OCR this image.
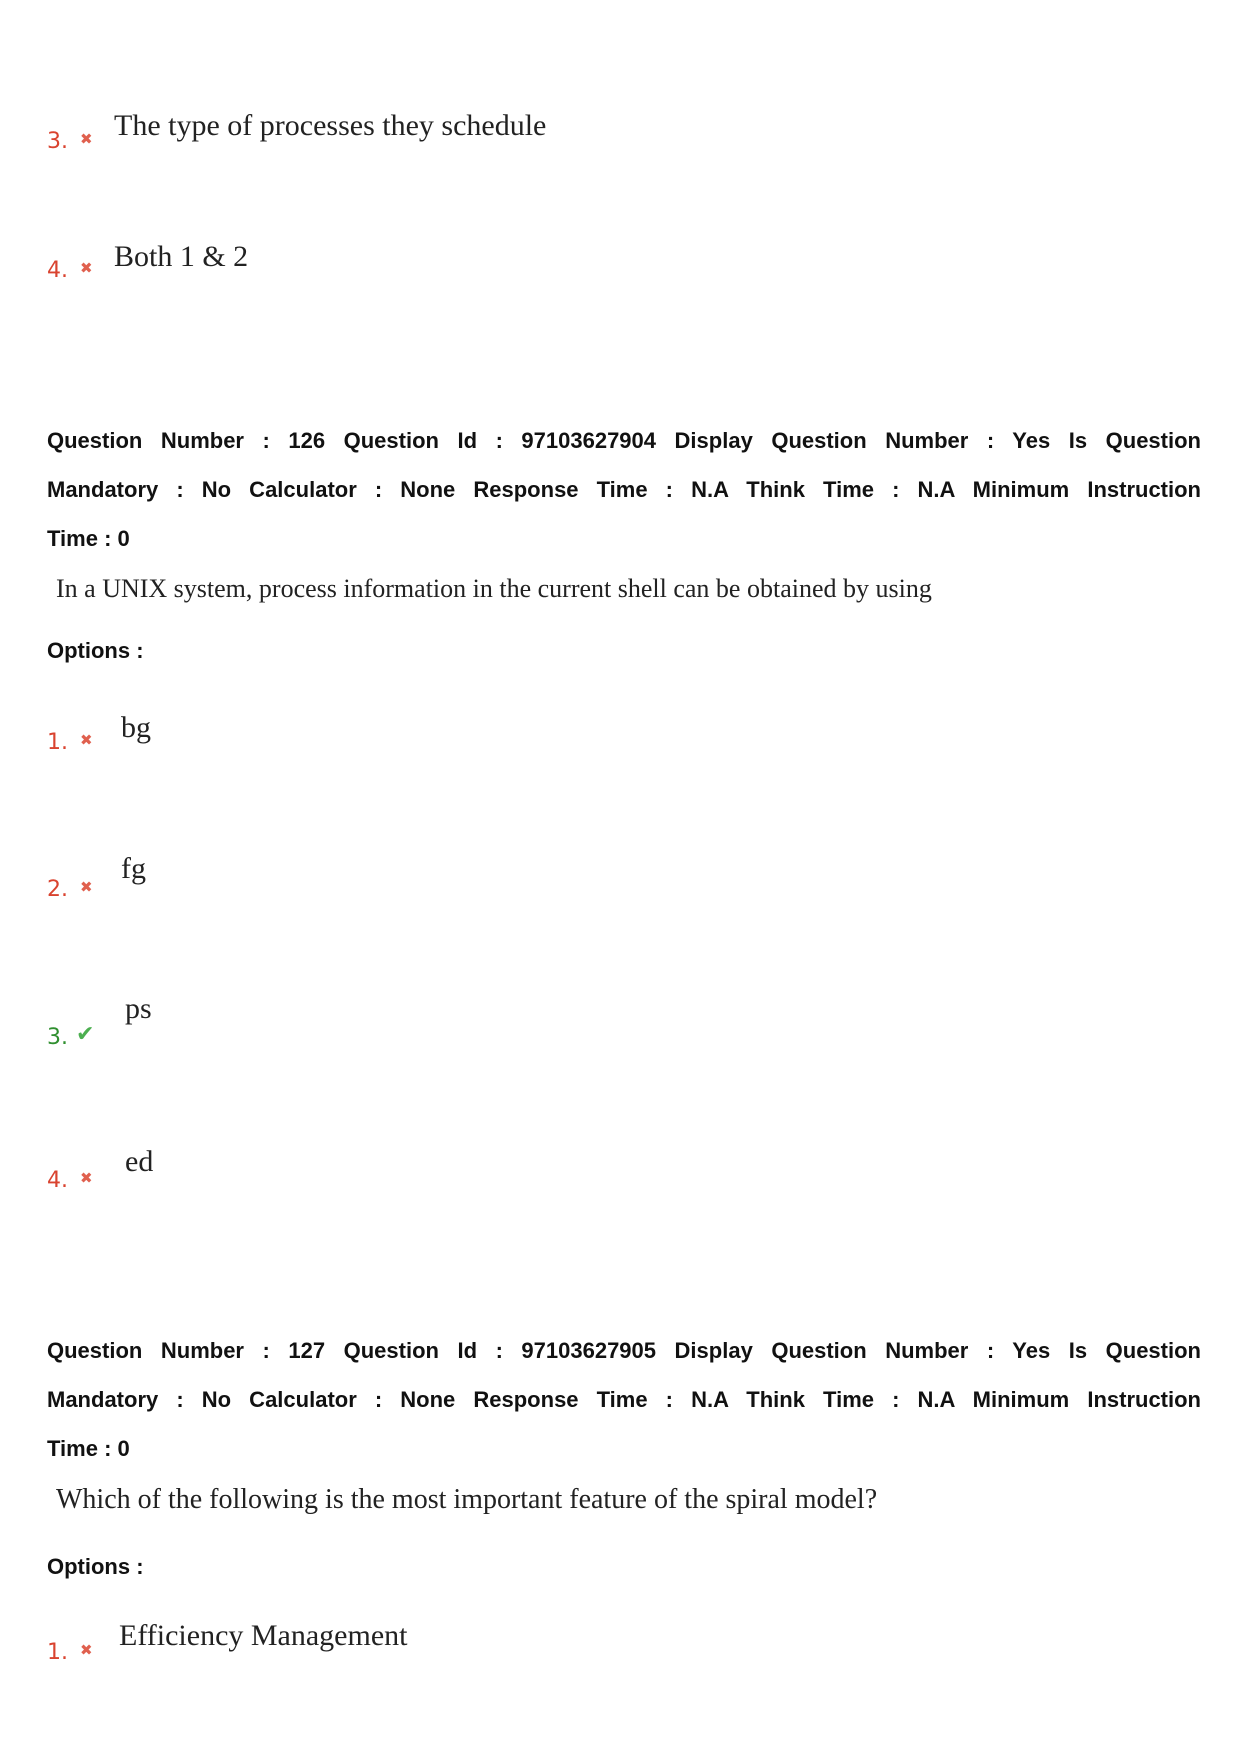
3. ✖	The type of processes they schedule
4. ✖	Both 1 & 2
Question Number : 126 Question Id : 97103627904 Display Question Number : Yes Is Question
Mandatory : No Calculator : None Response Time : N.A Think Time : N.A Minimum Instruction
Time : 0
In a UNIX system, process information in the current shell can be obtained by using
Options :
1. ✖	bg
2.✖
fg
3.✔
ps
4.✖
ed
Question Number : 127 Question Id : 97103627905 Display Question Number : Yes Is Question
Mandatory : No Calculator : None Response Time : N.A Think Time : N.A Minimum Instruction
Time : 0
Which of the following is the most important feature of the spiral model?
Options :
1.✖
Efficiency Management
